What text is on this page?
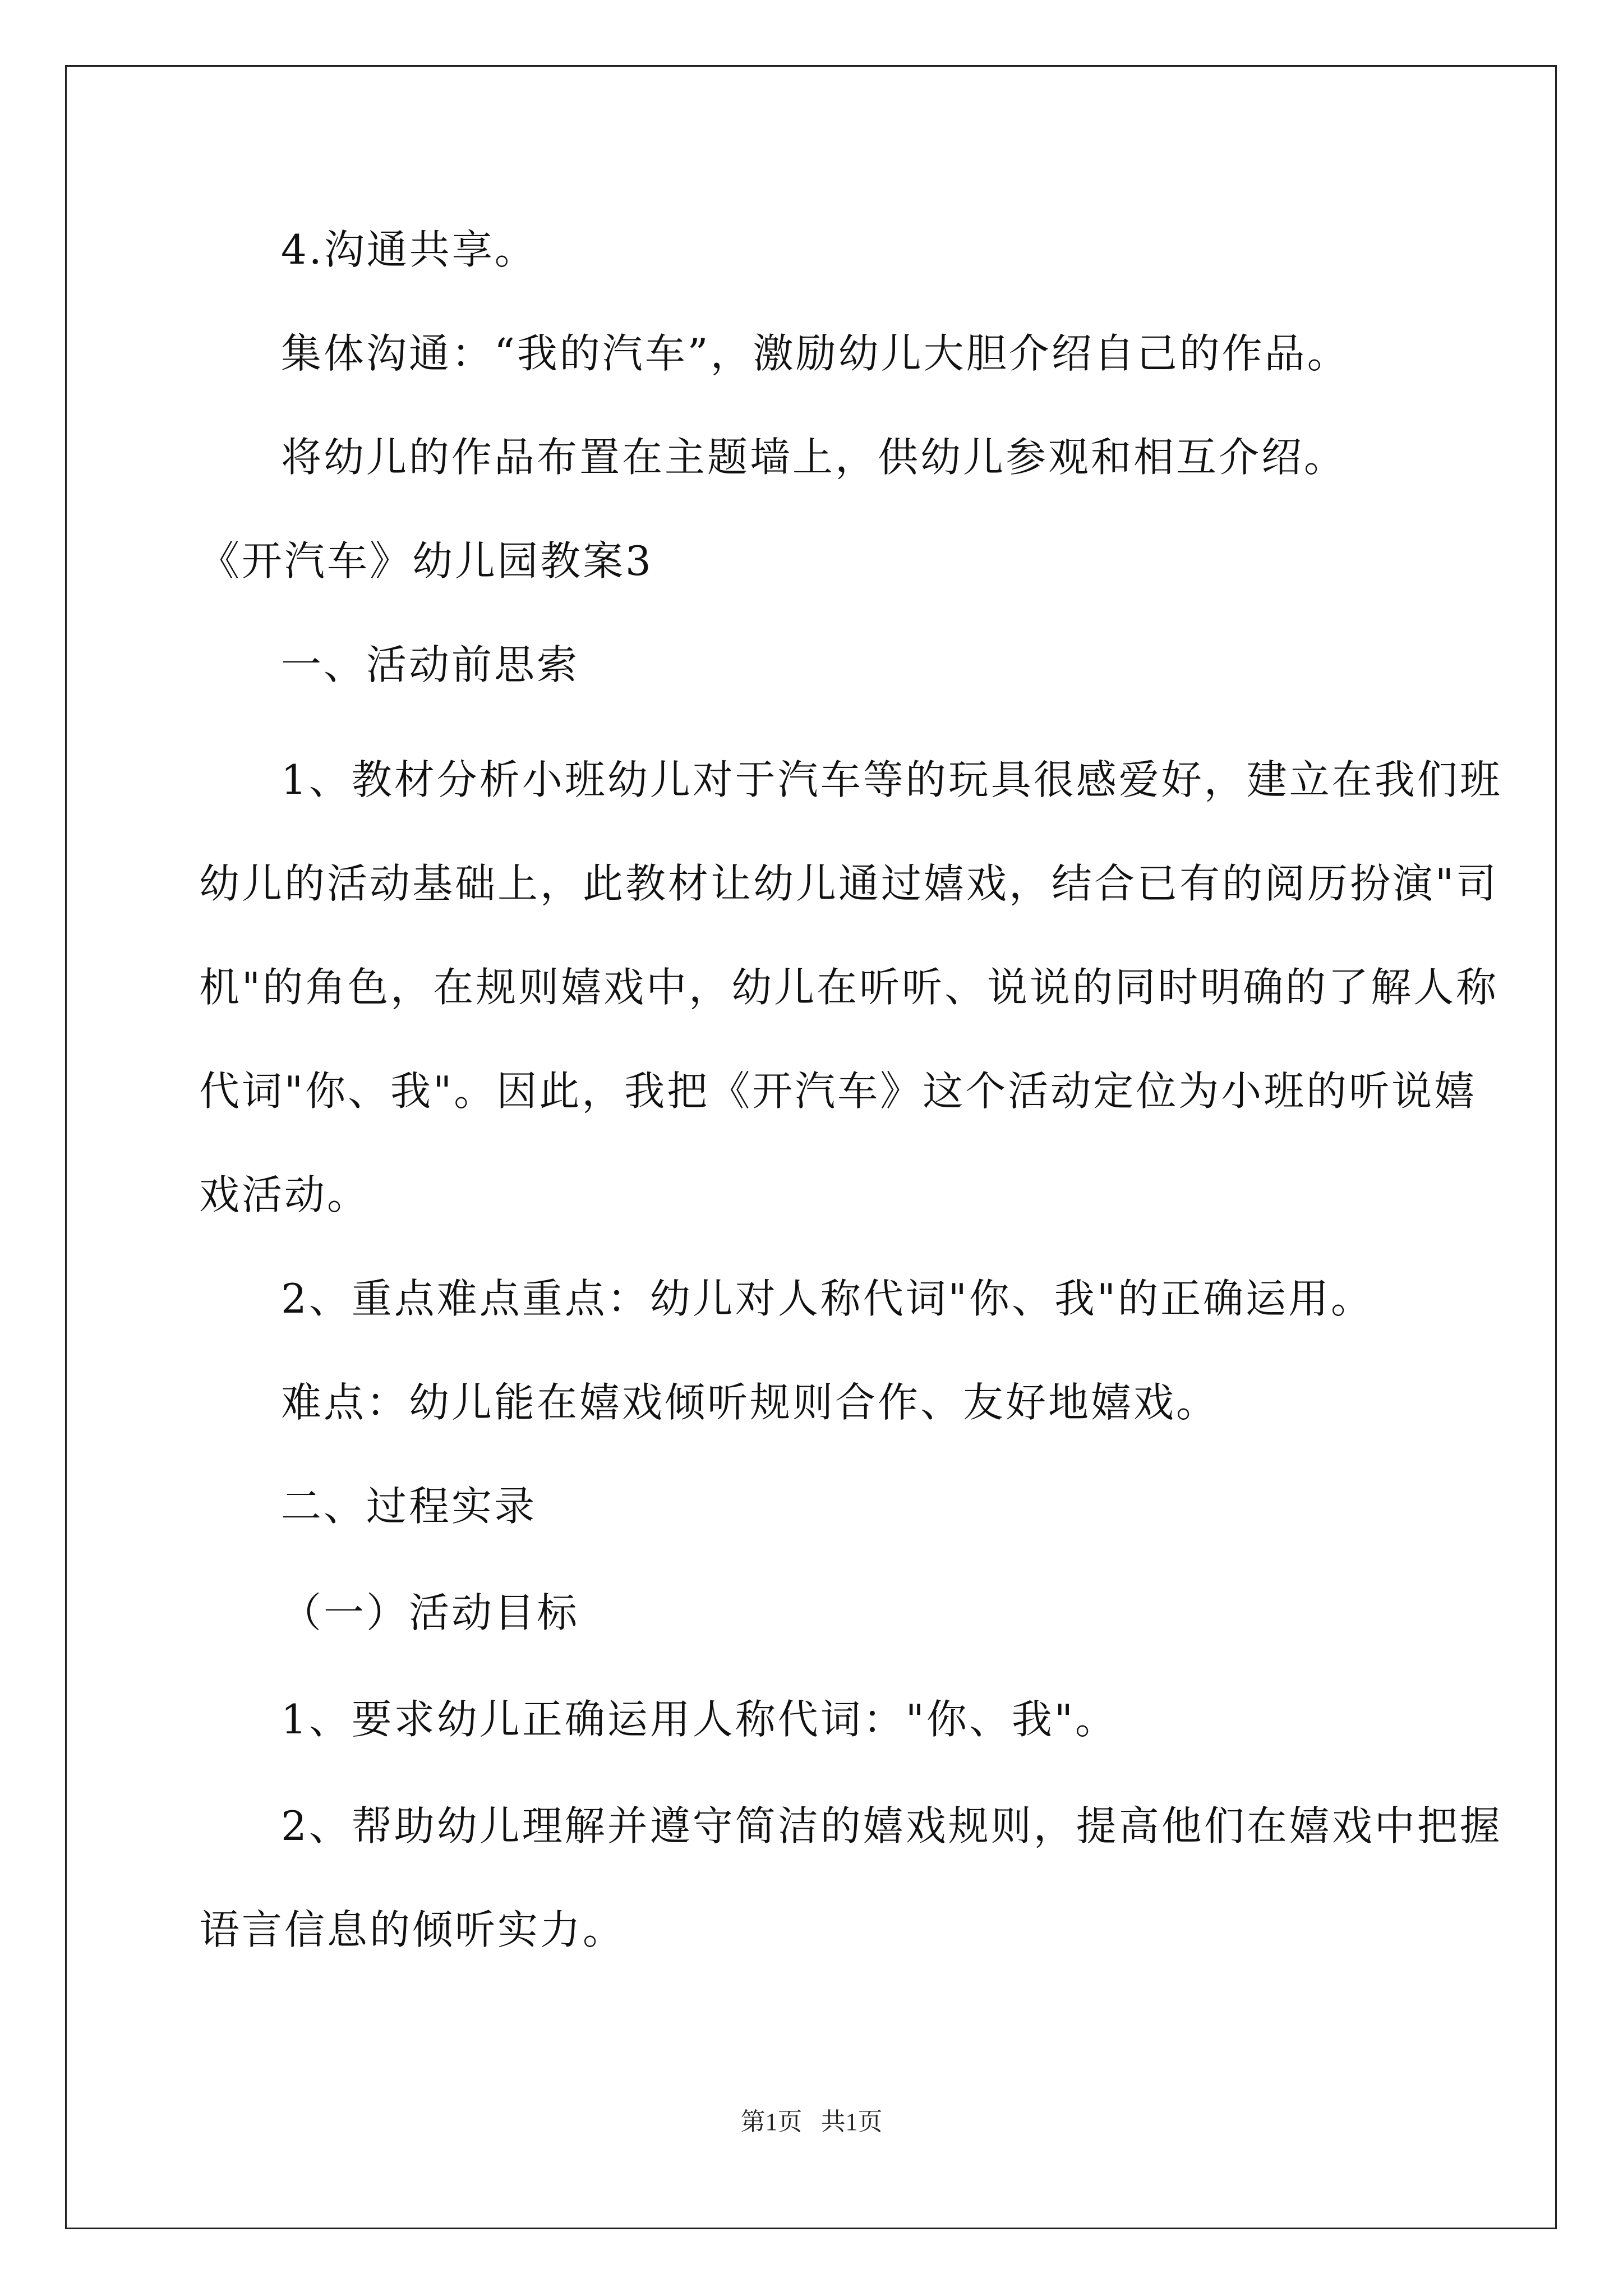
4.沟通共享。
集体沟通：“我的汽车”，激励幼儿大胆介绍自己的作品。
将幼儿的作品布置在主题墙上，供幼儿参观和相互介绍。
《开汽车》幼儿园教案3
一、活动前思索
1、教材分析小班幼儿对于汽车等的玩具很感爱好，建立在我们班
幼儿的活动基础上，此教材让幼儿通过嬉戏，结合已有的阅历扮演"司
机"的角色，在规则嬉戏中，幼儿在听听、说说的同时明确的了解人称
代词"你、我"。因此，我把《开汽车》这个活动定位为小班的听说嬉
戏活动。
2、重点难点重点：幼儿对人称代词"你、我"的正确运用。
难点：幼儿能在嬉戏倾听规则合作、友好地嬉戏。
二、过程实录
（一）活动目标
1、要求幼儿正确运用人称代词："你、我"。
2、帮助幼儿理解并遵守简洁的嬉戏规则，提高他们在嬉戏中把握
语言信息的倾听实力。
第1页   共1页
